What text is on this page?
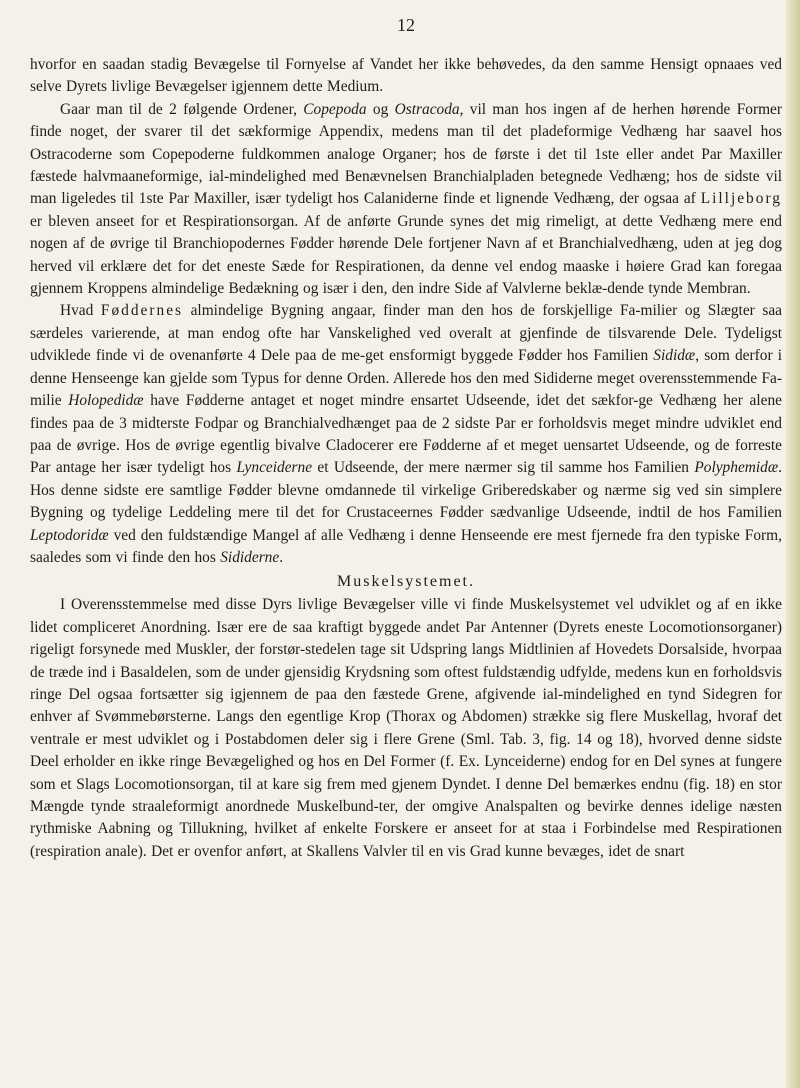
12

hvorfor en saadan stadig Bevægelse til Fornyelse af Vandet her ikke behøvedes, da den samme Hensigt opnaaes ved selve Dyrets livlige Bevægelser igjennem dette Medium.

Gaar man til de 2 følgende Ordener, Copepoda og Ostracoda, vil man hos ingen af de herhen hørende Former finde noget, der svarer til det sækformige Appendix, medens man til det pladeformige Vedhæng har saavel hos Ostracoderne som Copepoderne fuldkommen analoge Organer; hos de første i det til 1ste eller andet Par Maxiller fæstede halvmaaneformige, ial-mindelighed med Benævnelsen Branchialpladen betegnede Vedhæng; hos de sidste vil man ligeledes til 1ste Par Maxiller, især tydeligt hos Calaniderne finde et lignende Vedhæng, der ogsaa af Lilljeborg er bleven anseet for et Respirationsorgan. Af de anførte Grunde synes det mig rimeligt, at dette Vedhæng mere end nogen af de øvrige til Branchiopodernes Fødder hørende Dele fortjener Navn af et Branchialvedhæng, uden at jeg dog herved vil erklære det for det eneste Sæde for Respirationen, da denne vel endog maaske i høiere Grad kan foregaa gjennem Kroppens almindelige Bedækning og især i den, den indre Side af Valvlerne beklæ-dende tynde Membran.

Hvad Føddernes almindelige Bygning angaar, finder man den hos de forskjellige Fa-milier og Slægter saa særdeles varierende, at man endog ofte har Vanskelighed ved overalt at gjenfinde de tilsvarende Dele. Tydeligst udviklede finde vi de ovenanførte 4 Dele paa de me-get ensformigt byggede Fødder hos Familien Sididæ, som derfor i denne Henseenge kan gjelde som Typus for denne Orden. Allerede hos den med Sididerne meget overensstemmende Fa-milie Holopedidæ have Fødderne antaget et noget mindre ensartet Udseende, idet det sækfor-ge Vedhæng her alene findes paa de 3 midterste Fodpar og Branchialvedhænget paa de 2 sidste Par er forholdsvis meget mindre udviklet end paa de øvrige. Hos de øvrige egentlig bivalve Cladocerer ere Fødderne af et meget uensartet Udseende, og de forreste Par antage her især tydeligt hos Lynceiderne et Udseende, der mere nærmer sig til samme hos Familien Polyphemidæ. Hos denne sidste ere samtlige Fødder blevne omdannede til virkelige Griberedskaber og nærme sig ved sin simplere Bygning og tydelige Leddeling mere til det for Crustaceernes Fødder sædvanlige Udseende, indtil de hos Familien Leptodoridæ ved den fuldstændige Mangel af alle Vedhæng i denne Henseende ere mest fjernede fra den typiske Form, saaledes som vi finde den hos Sididerne.

Muskelsystemet.

I Overensstemmelse med disse Dyrs livlige Bevægelser ville vi finde Muskelsystemet vel udviklet og af en ikke lidet compliceret Anordning. Især ere de saa kraftigt byggede andet Par Antenner (Dyrets eneste Locomotionsorganer) rigeligt forsynede med Muskler, der forstør-stedelen tage sit Udspring langs Midtlinien af Hovedets Dorsalside, hvorpaa de træde ind i Basaldelen, som de under gjensidig Krydsning som oftest fuldstændig udfylde, medens kun en forholdsvis ringe Del ogsaa fortsætter sig igjennem de paa den fæstede Grene, afgivende ial-mindelighed en tynd Sidegren for enhver af Svømmebørsterne. Langs den egentlige Krop (Thorax og Abdomen) strække sig flere Muskellag, hvoraf det ventrale er mest udviklet og i Postabdomen deler sig i flere Grene (Sml. Tab. 3, fig. 14 og 18), hvorved denne sidste Deel erholder en ikke ringe Bevægelighed og hos en Del Former (f. Ex. Lynceiderne) endog for en Del synes at fungere som et Slags Locomotionsorgan, til at kare sig frem med gjenem Dyndet. I denne Del bemærkes endnu (fig. 18) en stor Mængde tynde straaleformigt anordnede Muskelbund-ter, der omgive Analspalten og bevirke dennes idelige næsten rythmiske Aabning og Tillukning, hvilket af enkelte Forskere er anseet for at staa i Forbindelse med Respirationen (respiration anale). Det er ovenfor anført, at Skallens Valvler til en vis Grad kunne bevæges, idet de snart
